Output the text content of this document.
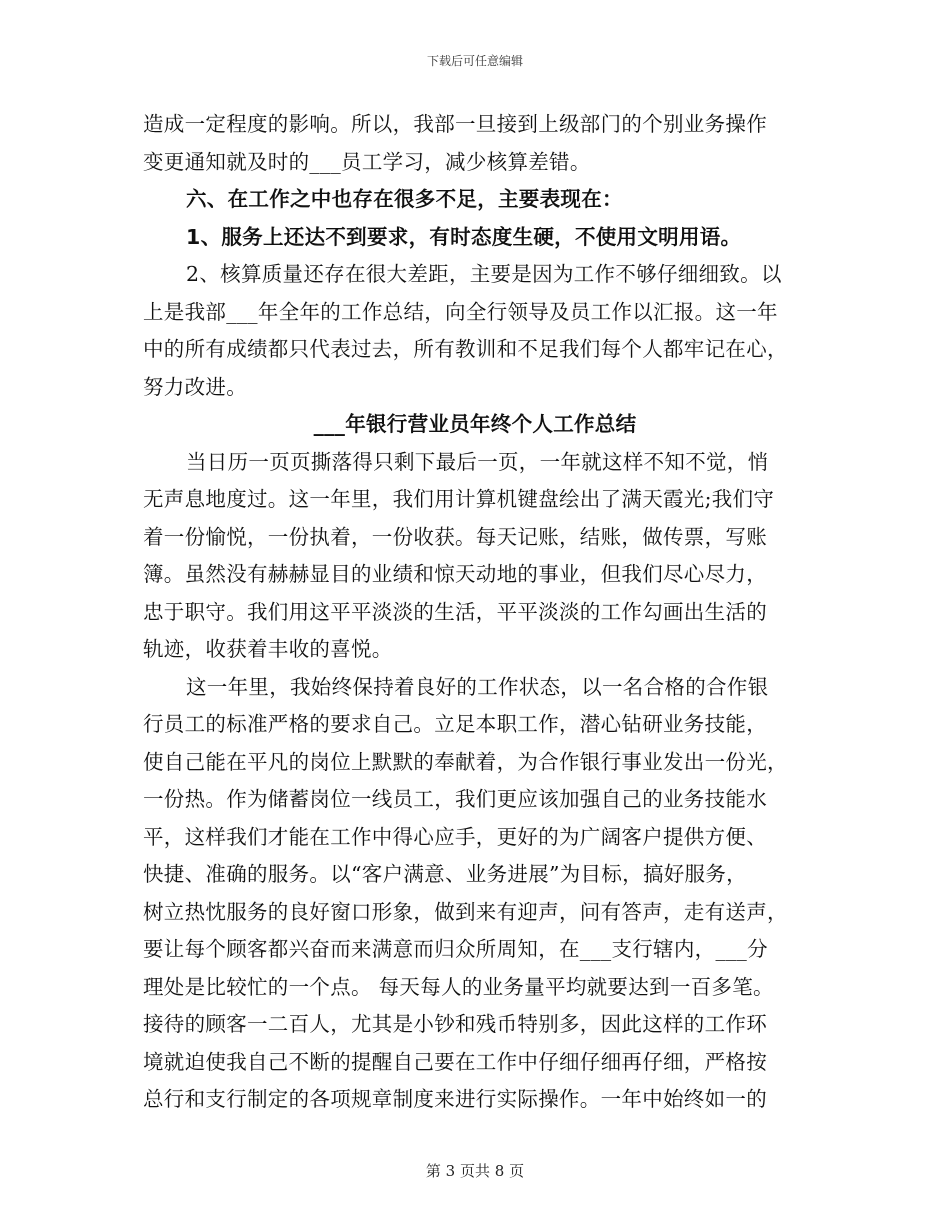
下载后可任意编辑
造成一定程度的影响。所以，我部一旦接到上级部门的个别业务操作
变更通知就及时的___员工学习，减少核算差错。
六、在工作之中也存在很多不足，主要表现在：
1、服务上还达不到要求，有时态度生硬，不使用文明用语。
2、核算质量还存在很大差距，主要是因为工作不够仔细细致。以
上是我部___年全年的工作总结，向全行领导及员工作以汇报。这一年
中的所有成绩都只代表过去，所有教训和不足我们每个人都牢记在心，
努力改进。
___年银行营业员年终个人工作总结
当日历一页页撕落得只剩下最后一页，一年就这样不知不觉，悄
无声息地度过。这一年里，我们用计算机键盘绘出了满天霞光;我们守
着一份愉悦，一份执着，一份收获。每天记账，结账，做传票，写账
簿。虽然没有赫赫显目的业绩和惊天动地的事业，但我们尽心尽力，
忠于职守。我们用这平平淡淡的生活，平平淡淡的工作勾画出生活的
轨迹，收获着丰收的喜悦。
这一年里，我始终保持着良好的工作状态，以一名合格的合作银
行员工的标准严格的要求自己。立足本职工作，潜心钻研业务技能，
使自己能在平凡的岗位上默默的奉献着，为合作银行事业发出一份光，
一份热。作为储蓄岗位一线员工，我们更应该加强自己的业务技能水
平，这样我们才能在工作中得心应手，更好的为广阔客户提供方便、
快捷、准确的服务。以“客户满意、业务进展”为目标，搞好服务，
树立热忱服务的良好窗口形象，做到来有迎声，问有答声，走有送声，
要让每个顾客都兴奋而来满意而归众所周知，在___支行辖内，___分
理处是比较忙的一个点。 每天每人的业务量平均就要达到一百多笔。
接待的顾客一二百人，尤其是小钞和残币特别多，因此这样的工作环
境就迫使我自己不断的提醒自己要在工作中仔细仔细再仔细，严格按
总行和支行制定的各项规章制度来进行实际操作。一年中始终如一的
第 3 页共 8 页
